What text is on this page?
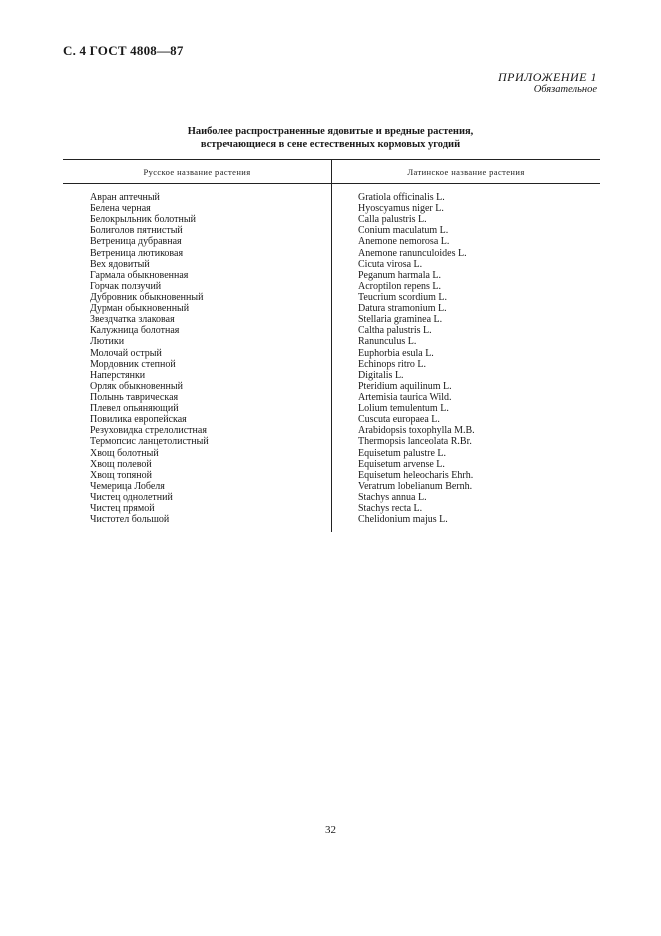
С. 4 ГОСТ 4808—87
ПРИЛОЖЕНИЕ 1
Обязательное
Наиболее распространенные ядовитые и вредные растения,
встречающиеся в сене естественных кормовых угодий
Русское название растения	Латинское название растения
Авран аптечный	Gratiola officinalis L.
Белена черная	Hyoscyamus niger L.
Белокрыльник болотный	Calla palustris L.
Болиголов пятнистый	Conium maculatum L.
Ветреница дубравная	Anemone nemorosa L.
Ветреница лютиковая	Anemone ranunculoides L.
Вех ядовитый	Cicuta virosa L.
Гармала обыкновенная	Peganum harmala L.
Горчак ползучий	Acroptilon repens L.
Дубровник обыкновенный	Teucrium scordium L.
Дурман обыкновенный	Datura stramonium L.
Звездчатка злаковая	Stellaria graminea L.
Калужница болотная	Caltha palustris L.
Лютики	Ranunculus L.
Молочай острый	Euphorbia esula L.
Мордовник степной	Echinops ritro L.
Наперстянки	Digitalis L.
Орляк обыкновенный	Pteridium aquilinum L.
Полынь таврическая	Artemisia taurica Wild.
Плевел опьяняющий	Lolium temulentum L.
Повилика европейская	Cuscuta europaea L.
Резуховидка стрелолистная	Arabidopsis toxophylla M.B.
Термопсис ланцетолистный	Thermopsis lanceolata R.Br.
Хвощ болотный	Equisetum palustre L.
Хвощ полевой	Equisetum arvense L.
Хвощ топяной	Equisetum heleocharis Ehrh.
Чемерица Лобеля	Veratrum lobelianum Bernh.
Чистец однолетний	Stachys annua L.
Чистец прямой	Stachys recta L.
Чистотел большой	Chelidonium majus L.
32
